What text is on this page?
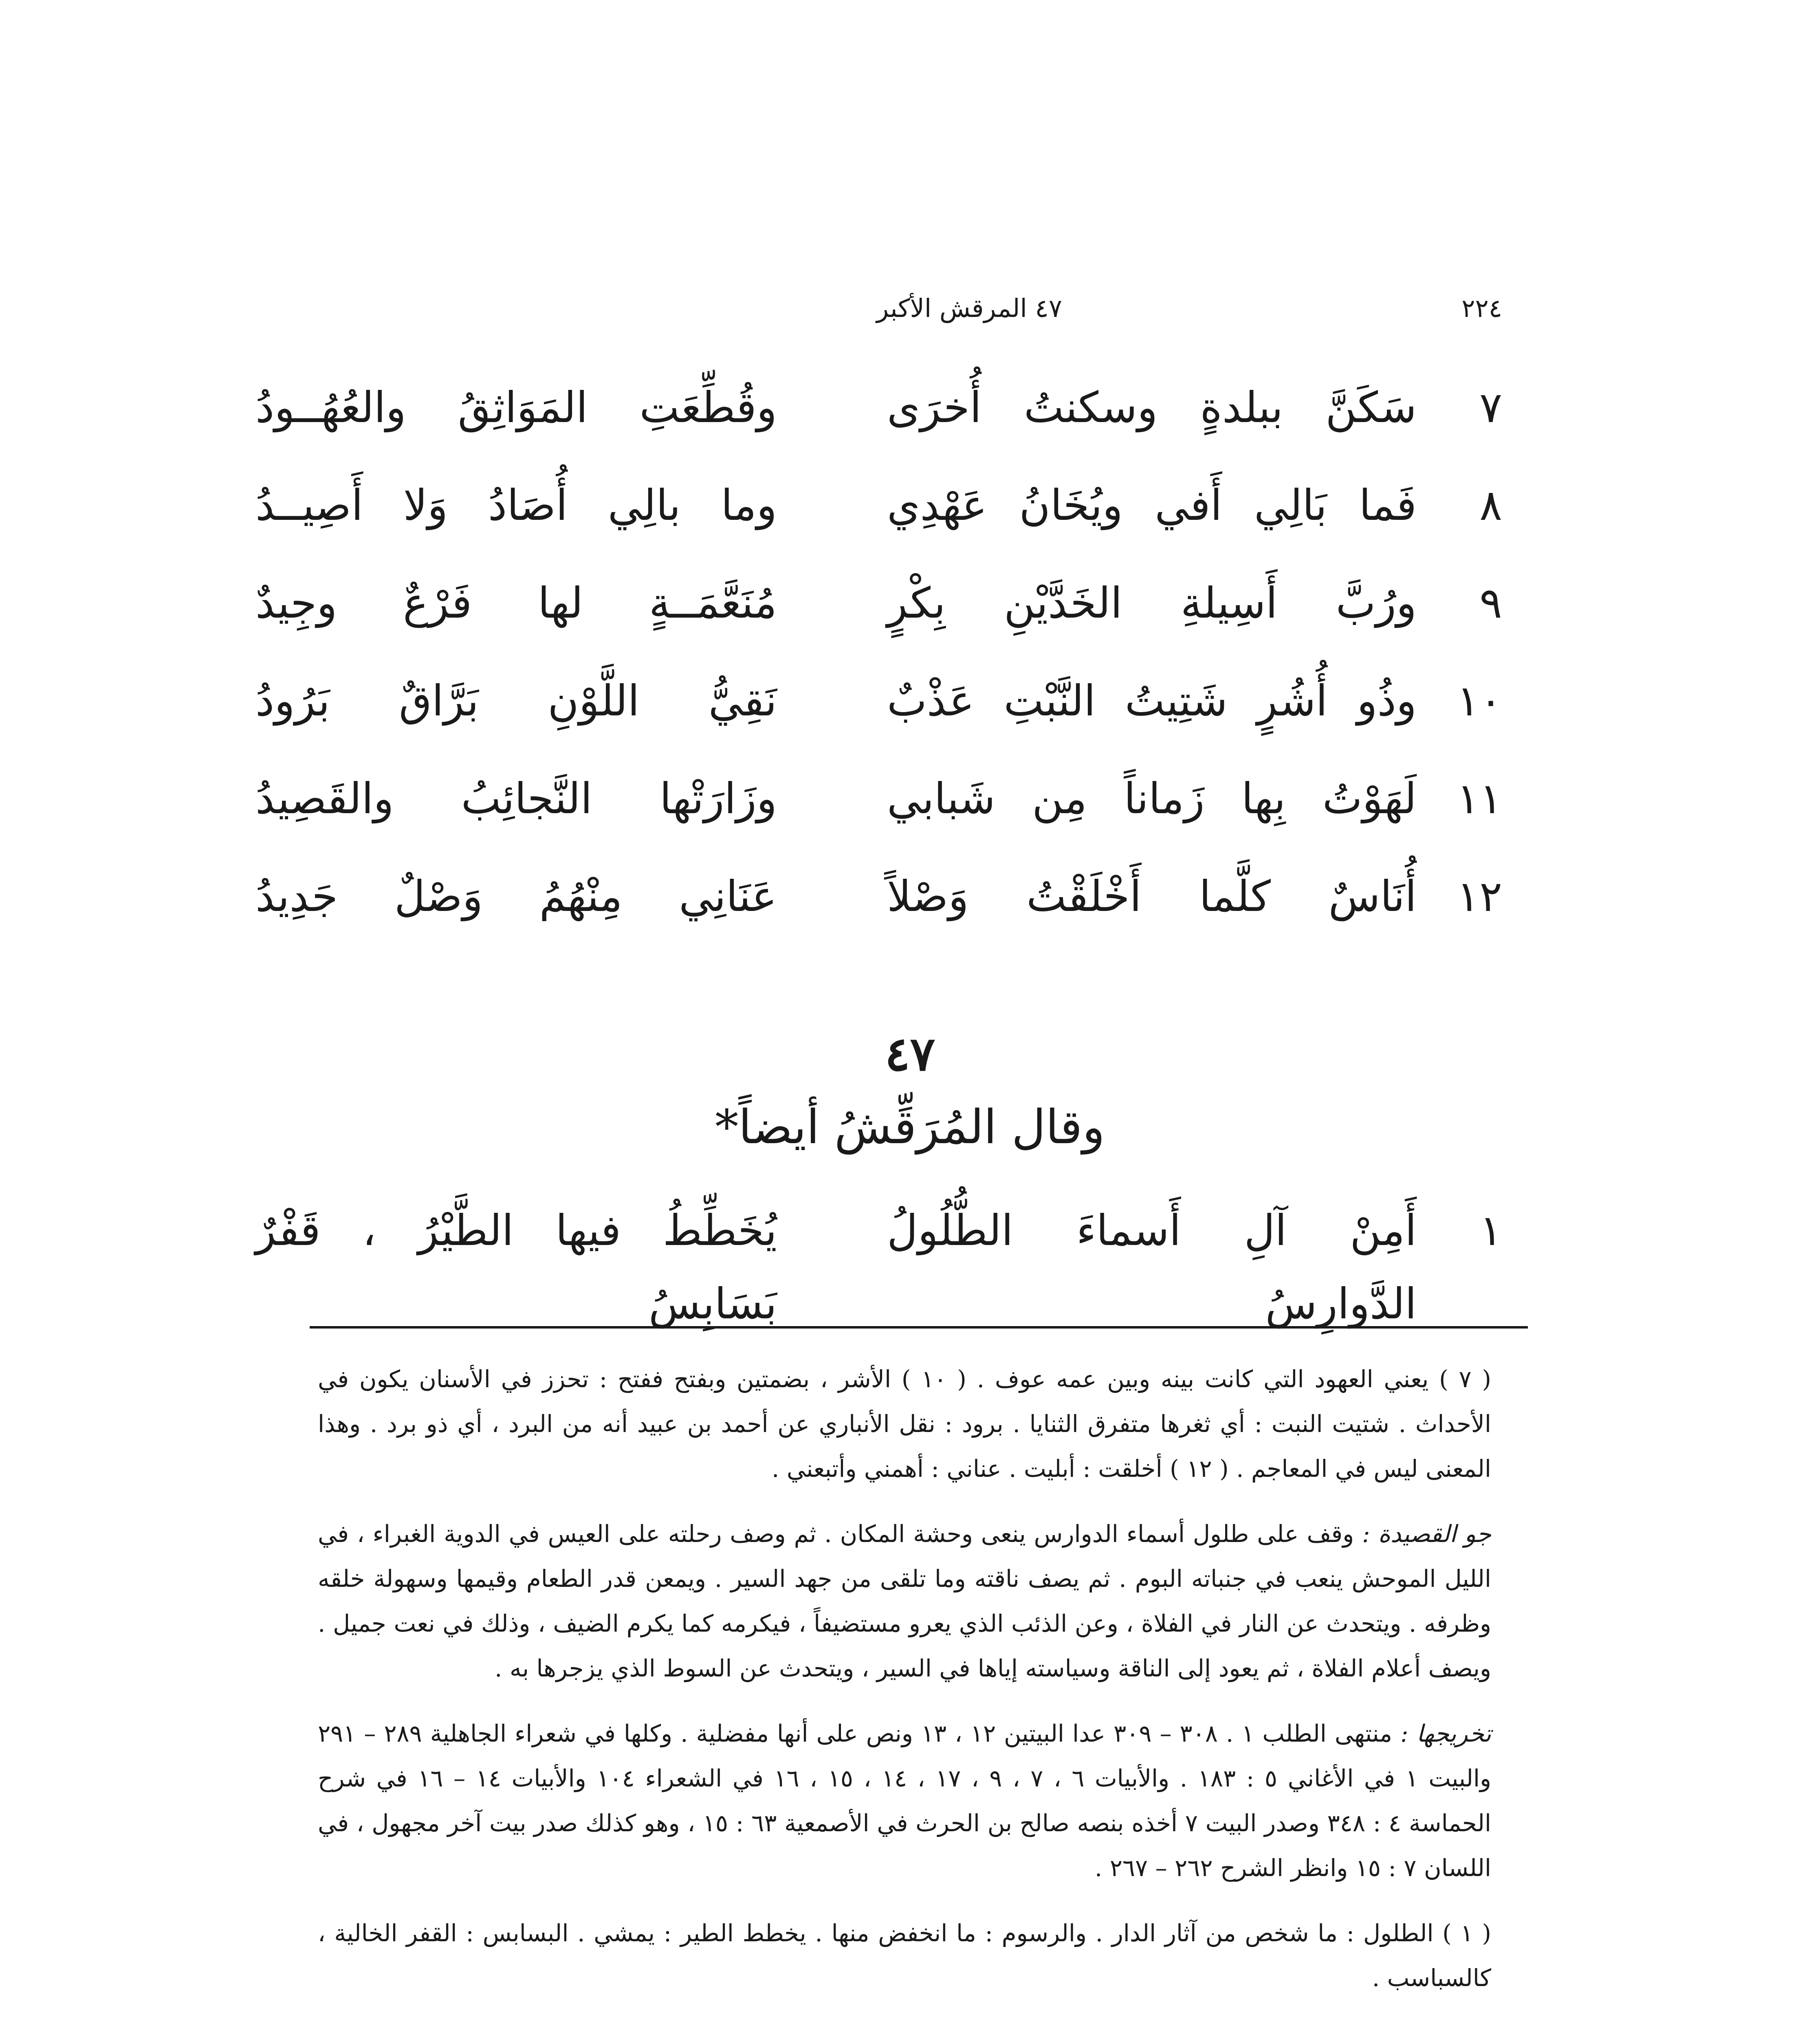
٢٢٤
٤٧ المرقش الأكبر
٧
سَكَنَّ ببلدةٍ وسكنتُ أُخرَى
وقُطِّعَتِ المَوَاثِقُ والعُهُــودُ
٨
فَما بَالِي أَفي ويُخَانُ عَهْدِي
وما بالِي أُصَادُ وَلا أَصِيــدُ
٩
ورُبَّ أَسِيلةِ الخَدَّيْنِ بِكْرٍ
مُنَعَّمَــةٍ لها فَرْعٌ وجِيدٌ
١٠
وذُو أُشُرٍ شَتِيتُ النَّبْتِ عَذْبٌ
نَقِيُّ اللَّوْنِ بَرَّاقٌ بَرُودُ
١١
لَهَوْتُ بِها زَماناً مِن شَبابي
وزَارَتْها النَّجائِبُ والقَصِيدُ
١٢
أُنَاسٌ كلَّما أَخْلَقْتُ وَصْلاً
عَنَانِي مِنْهُمُ وَصْلٌ جَدِيدُ
٤٧
وقال المُرَقِّشُ أيضاً*
١
أَمِنْ آلِ أَسماءَ الطُّلُولُ الدَّوارِسُ
يُخَطِّطُ فيها الطَّيْرُ ، قَفْرٌ بَسَابِسُ
( ٧ ) يعني العهود التي كانت بينه وبين عمه عوف . ( ١٠ ) الأشر ، بضمتين وبفتح ففتح : تحزز في الأسنان يكون في الأحداث . شتيت النبت : أي ثغرها متفرق الثنايا . برود : نقل الأنباري عن أحمد بن عبيد أنه من البرد ، أي ذو برد . وهذا المعنى ليس في المعاجم . ( ١٢ ) أخلقت : أبليت . عناني : أهمني وأتبعني .
جو القصيدة : وقف على طلول أسماء الدوارس ينعى وحشة المكان . ثم وصف رحلته على العيس في الدوية الغبراء ، في الليل الموحش ينعب في جنباته البوم . ثم يصف ناقته وما تلقى من جهد السير . ويمعن قدر الطعام وقيمها وسهولة خلقه وظرفه . ويتحدث عن النار في الفلاة ، وعن الذئب الذي يعرو مستضيفاً ، فيكرمه كما يكرم الضيف ، وذلك في نعت جميل . ويصف أعلام الفلاة ، ثم يعود إلى الناقة وسياسته إياها في السير ، ويتحدث عن السوط الذي يزجرها به .
تخريجها : منتهى الطلب ١ . ٣٠٨ – ٣٠٩ عدا البيتين ١٢ ، ١٣ ونص على أنها مفضلية . وكلها في شعراء الجاهلية ٢٨٩ – ٢٩١ والبيت ١ في الأغاني ٥ : ١٨٣ . والأبيات ٦ ، ٧ ، ٩ ، ١٧ ، ١٤ ، ١٥ ، ١٦ في الشعراء ١٠٤ والأبيات ١٤ – ١٦ في شرح الحماسة ٤ : ٣٤٨ وصدر البيت ٧ أخذه بنصه صالح بن الحرث في الأصمعية ٦٣ : ١٥ ، وهو كذلك صدر بيت آخر مجهول ، في اللسان ٧ : ١٥ وانظر الشرح ٢٦٢ – ٢٦٧ .
( ١ ) الطلول : ما شخص من آثار الدار . والرسوم : ما انخفض منها . يخطط الطير : يمشي . البسابس : القفر الخالية ، كالسباسب .
